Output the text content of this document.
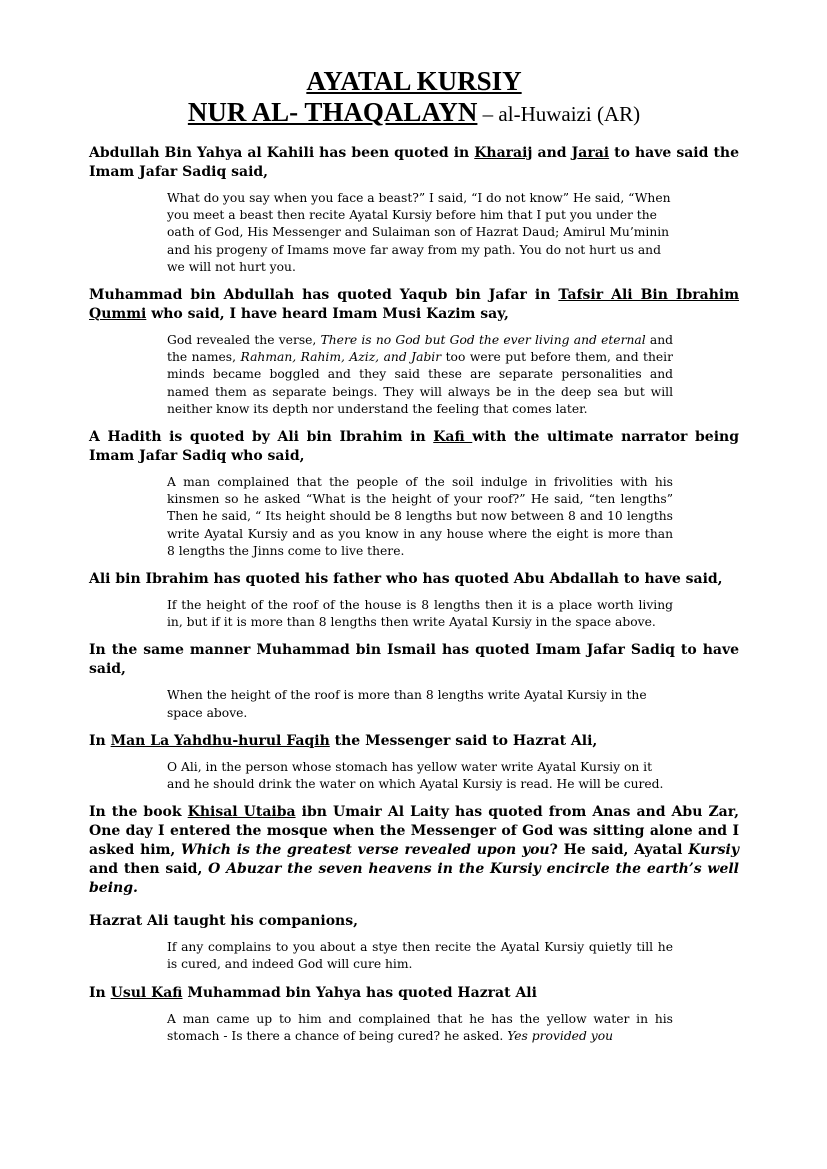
AYATAL KURSIY
NUR AL- THAQALAYN – al-Huwaizi (AR)

Abdullah Bin Yahya al Kahili has been quoted in Kharaij and Jarai to have said the Imam Jafar Sadiq said,

What do you say when you face a beast?” I said, “I do not know” He said, “When you meet a beast then recite Ayatal Kursiy before him that I put you under the oath of God, His Messenger and Sulaiman son of Hazrat Daud; Amirul Mu’minin and his progeny of Imams move far away from my path. You do not hurt us and we will not hurt you.

Muhammad bin Abdullah has quoted Yaqub bin Jafar in Tafsir Ali Bin Ibrahim Qummi who said, I have heard Imam Musi Kazim say,

God revealed the verse, There is no God but God the ever living and eternal and the names, Rahman, Rahim, Aziz, and Jabir too were put before them, and their minds became boggled and they said these are separate personalities and named them as separate beings. They will always be in the deep sea but will neither know its depth nor understand the feeling that comes later.

A Hadith is quoted by Ali bin Ibrahim in Kafi with the ultimate narrator being Imam Jafar Sadiq who said,

A man complained that the people of the soil indulge in frivolities with his kinsmen so he asked “What is the height of your roof?” He said, “ten lengths” Then he said, “ Its height should be 8 lengths but now between 8 and 10 lengths write Ayatal Kursiy and as you know in any house where the eight is more than 8 lengths the Jinns come to live there.

Ali bin Ibrahim has quoted his father who has quoted Abu Abdallah to have said,

If the height of the roof of the house is 8 lengths then it is a place worth living in, but if it is more than 8 lengths then write Ayatal Kursiy in the space above.

In the same manner Muhammad bin Ismail has quoted Imam Jafar Sadiq to have said,

When the height of the roof is more than 8 lengths write Ayatal Kursiy in the space above.

In Man La Yahdhu-hurul Faqih the Messenger said to Hazrat Ali,

O Ali, in the person whose stomach has yellow water write Ayatal Kursiy on it and he should drink the water on which Ayatal Kursiy is read. He will be cured.

In the book Khisal Utaiba ibn Umair Al Laity has quoted from Anas and Abu Zar, One day I entered the mosque when the Messenger of God was sitting alone and I asked him, Which is the greatest verse revealed upon you? He said, Ayatal Kursiy and then said, O Abuzar the seven heavens in the Kursiy encircle the earth’s well being.

Hazrat Ali taught his companions,

If any complains to you about a stye then recite the Ayatal Kursiy quietly till he is cured, and indeed God will cure him.

In Usul Kafi Muhammad bin Yahya has quoted Hazrat Ali

A man came up to him and complained that he has the yellow water in his stomach - Is there a chance of being cured? he asked. Yes provided you
